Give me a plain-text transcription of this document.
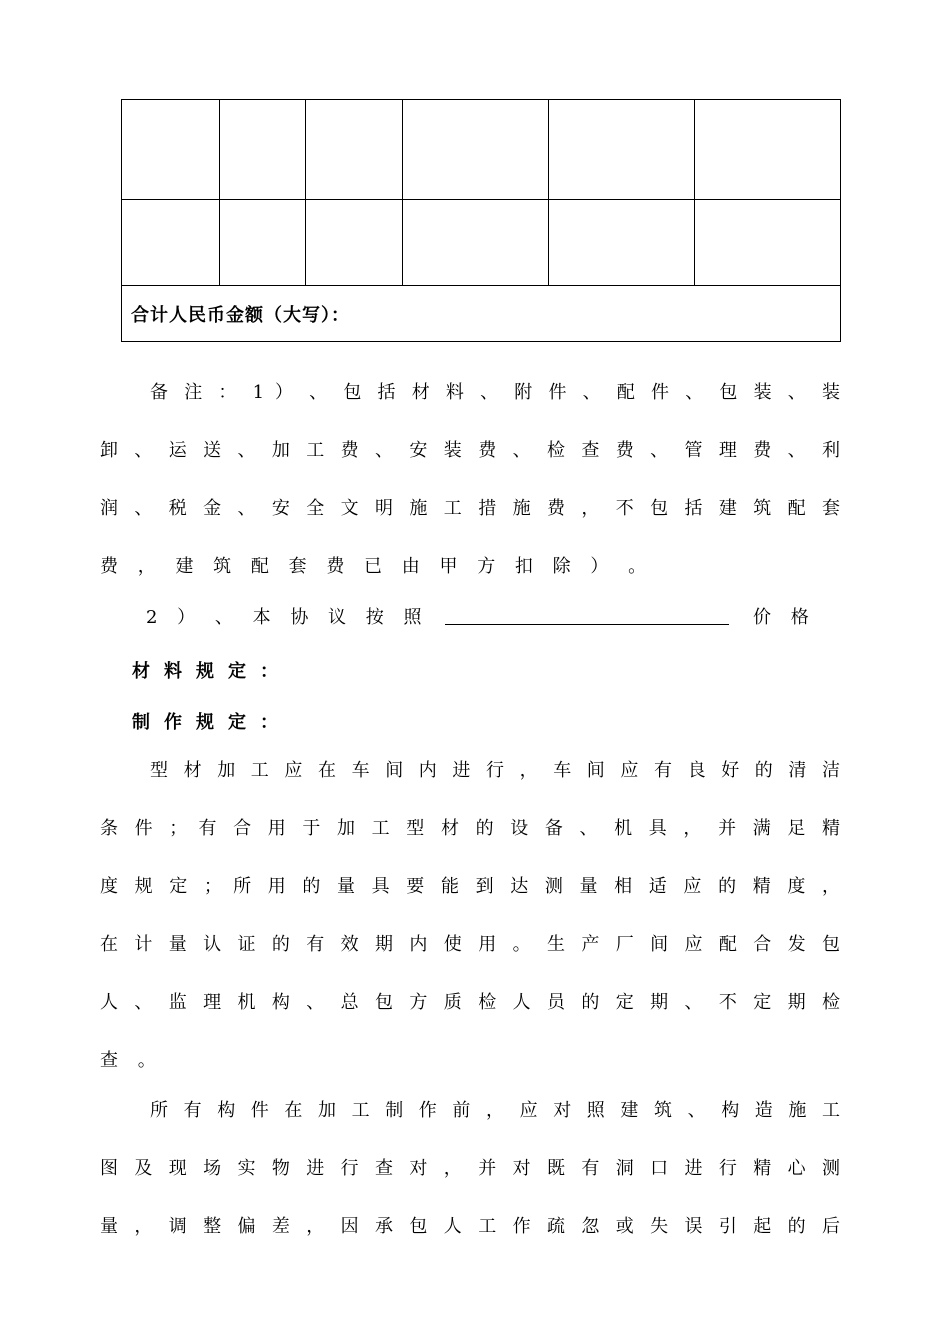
合计人民币金额（大写）：					

备 注 ： 1 ） 、 包 括 材 料 、 附 件 、 配 件 、 包 装 、 装

卸 、 运 送 、 加 工 费 、 安 装 费 、 检 查 费 、 管 理 费 、 利

润 、 税 金 、 安 全 文 明 施 工 措 施 费 ， 不 包 括 建 筑 配 套

费 ， 建 筑 配 套 费 已 由 甲 方 扣 除 ） 。

2 ） 、 本 协 议 按 照	价 格

材料规定：

制作规定：

型 材 加 工 应 在 车 间 内 进 行 ， 车 间 应 有 良 好 的 清 洁

条 件 ； 有 合 用 于 加 工 型 材 的 设 备 、 机 具 ， 并 满 足 精

度 规 定 ； 所 用 的 量 具 要 能 到 达 测 量 相 适 应 的 精 度 ，

在 计 量 认 证 的 有 效 期 内 使 用 。 生 产 厂 间 应 配 合 发 包

人 、 监 理 机 构 、 总 包 方 质 检 人 员 的 定 期 、 不 定 期 检

查 。

所 有 构 件 在 加 工 制 作 前 ， 应 对 照 建 筑 、 构 造 施 工

图 及 现 场 实 物 进 行 查 对 ， 并 对 既 有 洞 口 进 行 精 心 测

量 ， 调 整 偏 差 ， 因 承 包 人 工 作 疏 忽 或 失 误 引 起 的 后
